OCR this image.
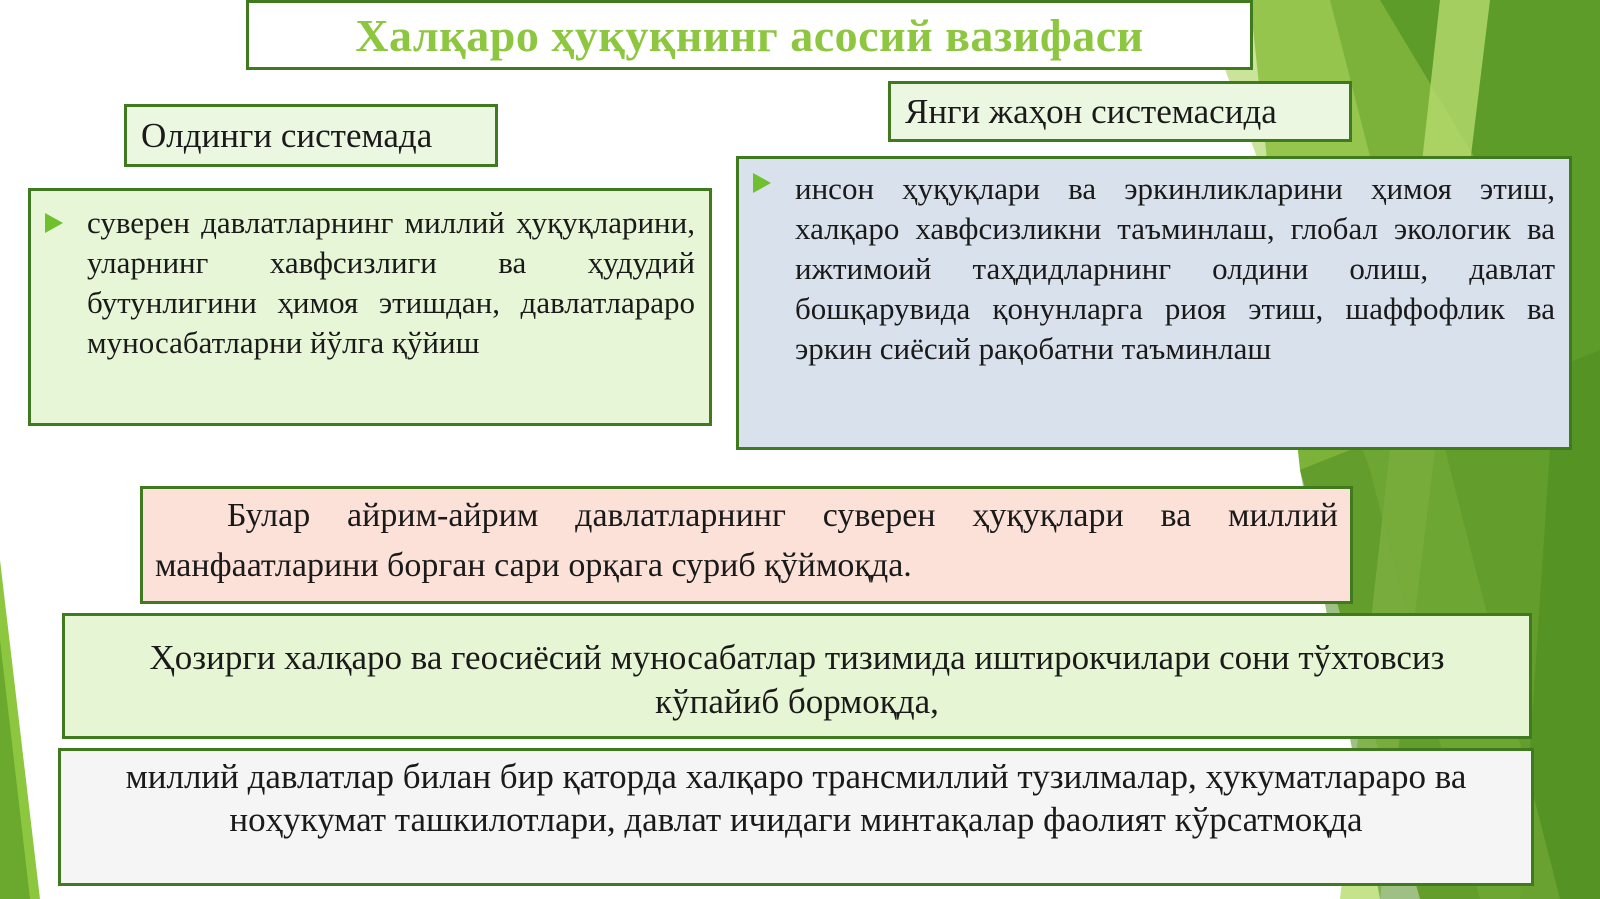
Халқаро ҳуқуқнинг асосий вазифаси
Олдинги системада
Янги жаҳон системасида
суверен давлатларнинг миллий ҳуқуқларини, уларнинг хавфсизлиги ва ҳудудий бутунлигини ҳимоя этишдан, давлатлараро муносабатларни йўлга қўйиш
инсон ҳуқуқлари ва эркинликларини ҳимоя этиш, халқаро хавфсизликни таъминлаш, глобал экологик ва ижтимоий таҳдидларнинг олдини олиш, давлат бошқарувида қонунларга риоя этиш, шаффофлик ва эркин сиёсий рақобатни таъминлаш

Булар айрим-айрим давлатларнинг суверен ҳуқуқлари ва миллий манфаатларини борган сари орқага суриб қўймоқда.

Ҳозирги халқаро ва геосиёсий муносабатлар тизимида иштирокчилари сони тўхтовсиз кўпайиб бормоқда,
миллий давлатлар билан бир қаторда халқаро трансмиллий тузилмалар, ҳукуматлараро ва ноҳукумат ташкилотлари, давлат ичидаги минтақалар фаолият кўрсатмоқда
